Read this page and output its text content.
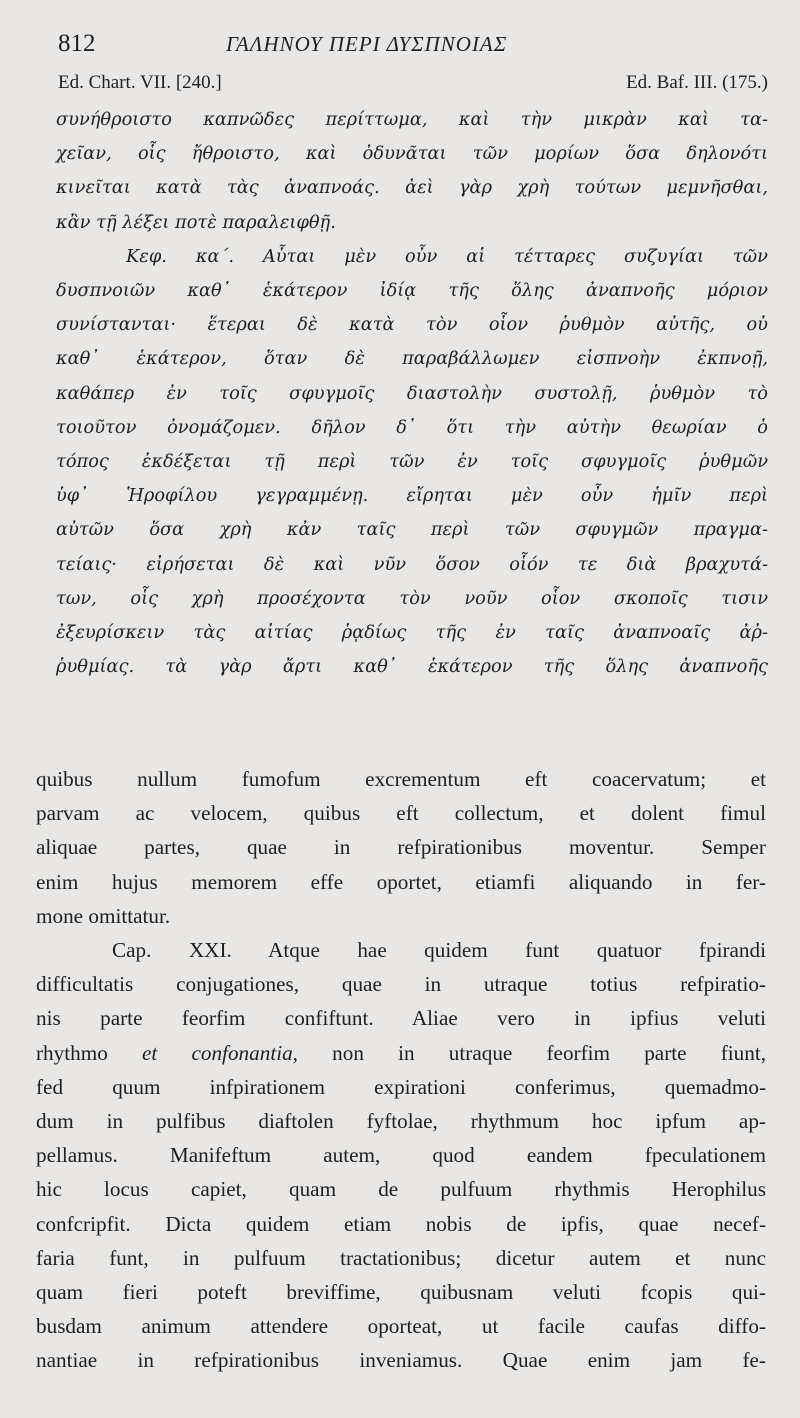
812	ΓΑΛΗΝΟΥ ΠΕΡΙ ΔΥΣΠΝΟΙΑΣ
Ed. Chart. VII. [240.]	Ed. Baf. III. (175.)
συνήθροιστο καπνῶδες περίττωμα, καὶ τὴν μικρὰν καὶ τα-
χεῖαν, οἷς ἤθροιστο, καὶ ὀδυνᾶται τῶν μορίων ὅσα δηλονότι
κινεῖται κατὰ τὰς ἀναπνοάς. ἀεὶ γὰρ χρὴ τούτων μεμνῆσθαι,
κἂν τῇ λέξει ποτὲ παραλειφθῇ.
Κεφ. κα΄. Αὗται μὲν οὖν αἱ τέτταρες συζυγίαι τῶν
δυσπνοιῶν καθ᾽ ἑκάτερον ἰδίᾳ τῆς ὅλης ἀναπνοῆς μόριον
συνίστανται· ἕτεραι δὲ κατὰ τὸν οἷον ῥυθμὸν αὐτῆς, οὐ
καθ᾽ ἑκάτερον, ὅταν δὲ παραβάλλωμεν εἰσπνοὴν ἐκπνοῇ,
καθάπερ ἐν τοῖς σφυγμοῖς διαστολὴν συστολῇ, ῥυθμὸν τὸ
τοιοῦτον ὀνομάζομεν. δῆλον δ᾽ ὅτι τὴν αὐτὴν θεωρίαν ὁ
τόπος ἐκδέξεται τῇ περὶ τῶν ἐν τοῖς σφυγμοῖς ῥυθμῶν
ὑφ᾽ Ἡροφίλου γεγραμμένῃ. εἴρηται μὲν οὖν ἡμῖν περὶ
αὐτῶν ὅσα χρὴ κἀν ταῖς περὶ τῶν σφυγμῶν πραγμα-
τείαις· εἰρήσεται δὲ καὶ νῦν ὅσον οἷόν τε διὰ βραχυτά-
των, οἷς χρὴ προσέχοντα τὸν νοῦν οἷον σκοποῖς τισιν
ἐξευρίσκειν τὰς αἰτίας ῥᾳδίως τῆς ἐν ταῖς ἀναπνοαῖς ἀῤ-
ῥυθμίας. τὰ γὰρ ἄρτι καθ᾽ ἑκάτερον τῆς ὅλης ἀναπνοῆς
quibus nullum fumofum excrementum eft coacervatum; et
parvam ac velocem, quibus eft collectum, et dolent fimul
aliquae partes, quae in refpirationibus moventur. Semper
enim hujus memorem effe oportet, etiamfi aliquando in fer-
mone omittatur.
Cap. XXI. Atque hae quidem funt quatuor fpirandi
difficultatis conjugationes, quae in utraque totius refpiratio-
nis parte feorfim confiftunt. Aliae vero in ipfius veluti
rhythmo et confonantia, non in utraque feorfim parte fiunt,
fed quum infpirationem expirationi conferimus, quemadmo-
dum in pulfibus diaftolen fyftolae, rhythmum hoc ipfum ap-
pellamus. Manifeftum autem, quod eandem fpeculationem
hic locus capiet, quam de pulfuum rhythmis Herophilus
confcripfit. Dicta quidem etiam nobis de ipfis, quae necef-
faria funt, in pulfuum tractationibus; dicetur autem et nunc
quam fieri poteft breviffime, quibusnam veluti fcopis qui-
busdam animum attendere oporteat, ut facile caufas diffo-
nantiae in refpirationibus inveniamus. Quae enim jam fe-
